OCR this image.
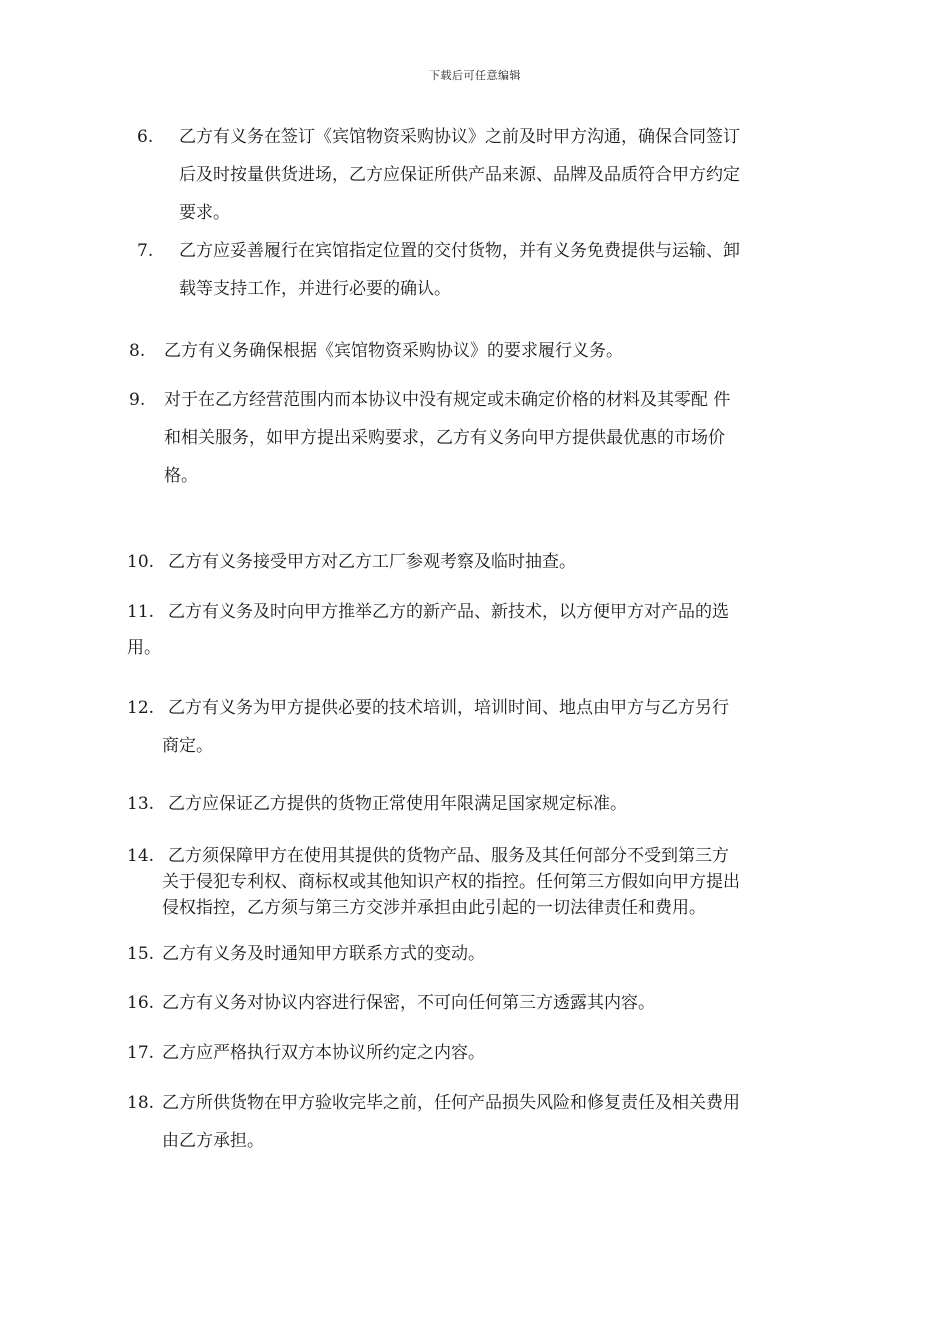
下载后可任意编辑
6. 乙方有义务在签订《宾馆物资采购协议》之前及时甲方沟通，确保合同签订
后及时按量供货进场，乙方应保证所供产品来源、品牌及品质符合甲方约定
要求。
7. 乙方应妥善履行在宾馆指定位置的交付货物，并有义务免费提供与运输、卸
载等支持工作，并进行必要的确认。
8. 乙方有义务确保根据《宾馆物资采购协议》的要求履行义务。
9. 对于在乙方经营范围内而本协议中没有规定或未确定价格的材料及其零配 件
和相关服务，如甲方提出采购要求，乙方有义务向甲方提供最优惠的市场价
格。
10. 乙方有义务接受甲方对乙方工厂参观考察及临时抽查。
11. 乙方有义务及时向甲方推举乙方的新产品、新技术，以方便甲方对产品的选
用。
12. 乙方有义务为甲方提供必要的技术培训，培训时间、地点由甲方与乙方另行
商定。
13. 乙方应保证乙方提供的货物正常使用年限满足国家规定标准。
14. 乙方须保障甲方在使用其提供的货物产品、服务及其任何部分不受到第三方
关于侵犯专利权、商标权或其他知识产权的指控。任何第三方假如向甲方提出
侵权指控，乙方须与第三方交涉并承担由此引起的一切法律责任和费用。
15. 乙方有义务及时通知甲方联系方式的变动。
16. 乙方有义务对协议内容进行保密，不可向任何第三方透露其内容。
17. 乙方应严格执行双方本协议所约定之内容。
18. 乙方所供货物在甲方验收完毕之前，任何产品损失风险和修复责任及相关费用
由乙方承担。
